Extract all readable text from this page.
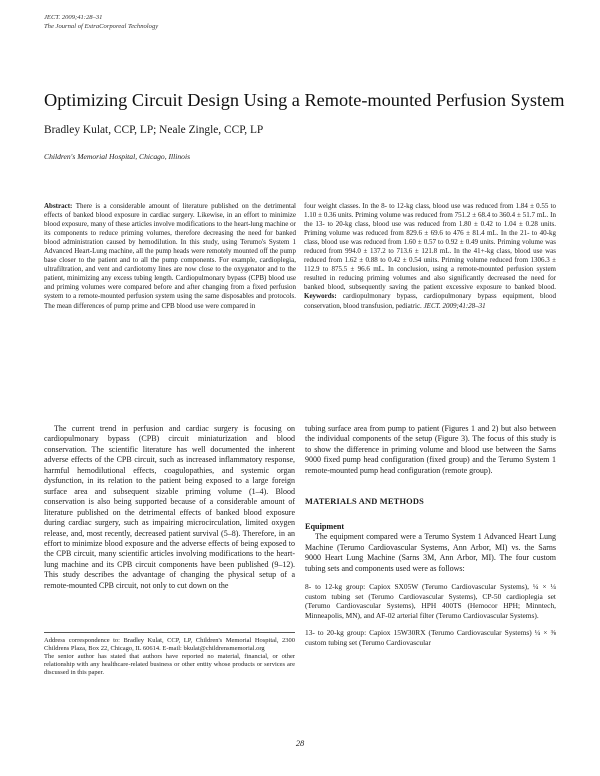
JECT. 2009;41:28–31
The Journal of ExtraCorporeal Technology
Optimizing Circuit Design Using a Remote-mounted Perfusion System
Bradley Kulat, CCP, LP; Neale Zingle, CCP, LP
Children's Memorial Hospital, Chicago, Illinois
Abstract: There is a considerable amount of literature published on the detrimental effects of banked blood exposure in cardiac surgery. Likewise, in an effort to minimize blood exposure, many of these articles involve modifications to the heart-lung machine or its components to reduce priming volumes, therefore decreasing the need for banked blood administration caused by hemodilution. In this study, using Terumo's System 1 Advanced Heart-Lung machine, all the pump heads were remotely mounted off the pump base closer to the patient and to all the pump components. For example, cardioplegia, ultrafiltration, and vent and cardiotomy lines are now close to the oxygenator and to the patient, minimizing any excess tubing length. Cardiopulmonary bypass (CPB) blood use and priming volumes were compared before and after changing from a fixed perfusion system to a remote-mounted perfusion system using the same disposables and protocols. The mean differences of pump prime and CPB blood use were compared in
four weight classes. In the 8- to 12-kg class, blood use was reduced from 1.84 ± 0.55 to 1.10 ± 0.36 units. Priming volume was reduced from 751.2 ± 68.4 to 360.4 ± 51.7 mL. In the 13- to 20-kg class, blood use was reduced from 1.80 ± 0.42 to 1.04 ± 0.28 units. Priming volume was reduced from 829.6 ± 69.6 to 476 ± 81.4 mL. In the 21- to 40-kg class, blood use was reduced from 1.60 ± 0.57 to 0.92 ± 0.49 units. Priming volume was reduced from 994.0 ± 137.2 to 713.6 ± 121.8 mL. In the 41+-kg class, blood use was reduced from 1.62 ± 0.88 to 0.42 ± 0.54 units. Priming volume reduced from 1306.3 ± 112.9 to 875.5 ± 96.6 mL. In conclusion, using a remote-mounted perfusion system resulted in reducing priming volumes and also significantly decreased the need for banked blood, subsequently saving the patient excessive exposure to banked blood. Keywords: cardiopulmonary bypass, cardiopulmonary bypass equipment, blood conservation, blood transfusion, pediatric. JECT. 2009;41:28–31

The current trend in perfusion and cardiac surgery is focusing on cardiopulmonary bypass (CPB) circuit miniaturization and blood conservation. The scientific literature has well documented the inherent adverse effects of the CPB circuit, such as increased inflammatory response, harmful hemodilutional effects, coagulopathies, and systemic organ dysfunction, in its relation to the patient being exposed to a large foreign surface area and subsequent sizable priming volume (1–4). Blood conservation is also being supported because of a considerable amount of literature published on the detrimental effects of banked blood exposure during cardiac surgery, such as impairing microcirculation, limited oxygen release, and, most recently, decreased patient survival (5–8). Therefore, in an effort to minimize blood exposure and the adverse effects of being exposed to the CPB circuit, many scientific articles involving modifications to the heart-lung machine and its CPB circuit components have been published (9–12). This study describes the advantage of changing the physical setup of a remote-mounted CPB circuit, not only to cut down on the

tubing surface area from pump to patient (Figures 1 and 2) but also between the individual components of the setup (Figure 3). The focus of this study is to show the difference in priming volume and blood use between the Sarns 9000 fixed pump head configuration (fixed group) and the Terumo System 1 remote-mounted pump head configuration (remote group).

MATERIALS AND METHODS
Equipment

The equipment compared were a Terumo System 1 Advanced Heart Lung Machine (Terumo Cardiovascular Systems, Ann Arbor, MI) vs. the Sarns 9000 Heart Lung Machine (Sarns 3M, Ann Arbor, MI). The four custom tubing sets and components used were as follows:

8- to 12-kg group: Capiox SX05W (Terumo Cardiovascular Systems), ¼ × ¼ custom tubing set (Terumo Cardiovascular Systems), CP-50 cardioplegia set (Terumo Cardiovascular Systems), HPH 400TS (Hemocor HPH; Minntech, Minneapolis, MN), and AF-02 arterial filter (Terumo Cardiovascular Systems).

13- to 20-kg group: Capiox 15W30RX (Terumo Cardiovascular Systems) ¼ × ⅜ custom tubing set (Terumo Cardiovascular

Address correspondence to: Bradley Kulat, CCP, LP, Children's Memorial Hospital, 2300 Childrens Plaza, Box 22, Chicago, IL 60614. E-mail: bkulat@childrensmemorial.org

The senior author has stated that authors have reported no material, financial, or other relationship with any healthcare-related business or other entity whose products or services are discussed in this paper.

28
